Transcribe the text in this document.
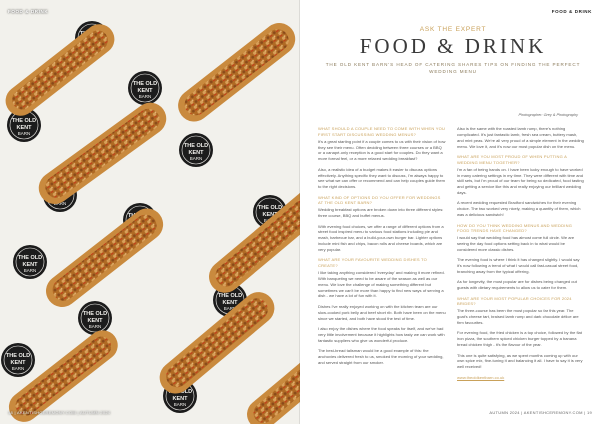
FOOD & DRINK
18 | AKENTISHCEREMONY.COM | AUTUMN 2024
FOOD & DRINK
ASK THE EXPERT
FOOD & DRINK
THE OLD KENT BARN'S HEAD OF CATERING SHARES TIPS ON FINDING THE PERFECT WEDDING MENU
Photographer: Grey & Photography

WHAT SHOULD A COUPLE NEED TO COME WITH WHEN YOU FIRST START DISCUSSING WEDDING MENUS?

It's a great starting point if a couple comes to us with their vision of how they see their menu. Often deciding between three courses or a BBQ or a canapé-only reception is a good start for couples. Do they want a more formal feel, or a more relaxed wedding breakfast?

Also, a realistic idea of a budget makes it easier to discuss options effectively. Anything specific they want to discuss, I'm always happy to see what we can offer or recommend and can help couples guide them to the right decisions.

WHAT KIND OF OPTIONS DO YOU OFFER FOR WEDDINGS AT THE OLD KENT BARN?

Wedding breakfast options are broken down into three different styles: three course, BBQ and buffet menus.

With evening food choices, we offer a range of different options from a street food inspired menu to various food stations including pie and mash, barbecue bar, and a build-your-own burger bar. Lighter options include mini fish and chips, bacon rolls and cheese boards, which are very popular.

WHAT ARE YOUR FAVOURITE WEDDING DISHES TO CREATE?

I like taking anything considered 'everyday' and making it more refined. With banqueting we need to be aware of the season as well as our menu. We love the challenge of making something different but sometimes we can't be more than happy to find new ways of serving a dish - we have a lot of fun with it.

Dishes I've really enjoyed working on with the kitchen team are our slow-cooked pork belly and beef short rib. Both have been on the menu since we started, and both have stood the test of time.

I also enjoy the dishes where the food speaks for itself, and we've had very little involvement because it highlights how tasty we can work with fantastic suppliers who give us wonderful produce.

The best-bread talisman would be a good example of this: the anchovies delivered fresh to us, smoked the morning of your wedding, and served straight from our smoker.

Also is the same with the roasted lamb rump, there's nothing complicated. It's just fantastic lamb, fresh sea cream, buttery mash, and mint peas. We're all very proud of a simple element in the wedding menu. We love it, and it's now our most popular dish on the menu.

WHAT ARE YOU MOST PROUD OF WHEN PUTTING A WEDDING MENU TOGETHER?

I'm a fan of being hands on. I have been lucky enough to have worked in many catering settings in my time. They were different with time and skill sets, but I'm proud of our team for being so dedicated, food tasting and getting a service like this and really enjoying our brilliant wedding days.

A recent wedding requested Bradford sandwiches for their evening choice. The two worked very nicely, making a quantity of them, which was a delicious sandwich!

HOW DO YOU THINK WEDDING MENUS AND WEDDING FOOD TRENDS HAVE CHANGED?

I would say that wedding food has almost come full circle. We are seeing the day food options setting back in to what would be considered more classic dishes.

The evening food is where I think it has changed slightly. I would say it's now following a trend of what I would call fast-casual street food, branching away from the typical offering.

As for longevity, the most popular are for dishes being changed out guests with dietary requirements to allow us to cater for them.

WHAT ARE YOUR MOST POPULAR CHOICES FOR 2024 BRIDES?

The three-course has been the most popular so far this year. The goat's cheese tart, braised lamb rump and dark chocolate délice are firm favourites.

For evening food, the fried chicken is a top choice, followed by the flat iron pizza, the southern spiced chicken burger topped by a banana bread chicken thigh - it's the flavour of the year.

This one is quite satisfying, as we spent months coming up with our own spice mix, fine-tuning it and balancing it all. I have to say it is very well received!

www.theoldkentbarn.co.uk
AUTUMN 2024 | AKENTISHCEREMONY.COM | 19
